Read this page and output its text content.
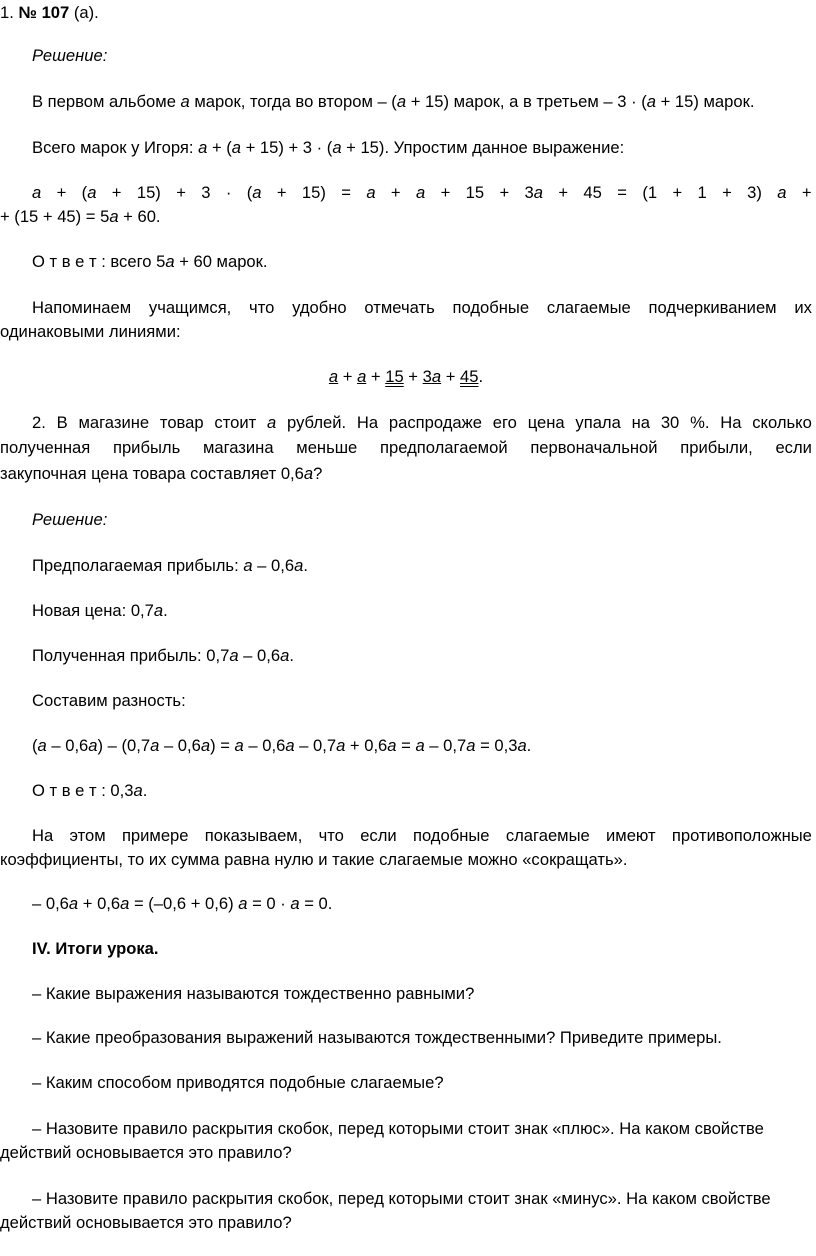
1. № 107 (а).
Решение:
В первом альбоме а марок, тогда во втором – (а + 15) марок, а в третьем – 3 · (а + 15) марок.
Всего марок у Игоря: а + (а + 15) + 3 · (а + 15). Упростим данное выражение:
а + (а + 15) + 3 · (а + 15) = а + а + 15 + 3а + 45 = (1 + 1 + 3) а +
+ (15 + 45) = 5а + 60.
О т в е т : всего 5а + 60 марок.
Напоминаем учащимся, что удобно отмечать подобные слагаемые подчеркиванием их
одинаковыми линиями:
а + а + 15 + 3а + 45.
2. В магазине товар стоит а рублей. На распродаже его цена упала на 30 %. На сколько
полученная прибыль магазина меньше предполагаемой первоначальной прибыли, если
закупочная цена товара составляет 0,6а?
Решение:
Предполагаемая прибыль: а – 0,6а.
Новая цена: 0,7а.
Полученная прибыль: 0,7а – 0,6а.
Составим разность:
(а – 0,6а) – (0,7а – 0,6а) = а – 0,6а – 0,7а + 0,6а = а – 0,7а = 0,3а.
О т в е т : 0,3а.
На этом примере показываем, что если подобные слагаемые имеют противоположные
коэффициенты, то их сумма равна нулю и такие слагаемые можно «сокращать».
– 0,6а + 0,6а = (–0,6 + 0,6) а = 0 · а = 0.
IV. Итоги урока.
– Какие выражения называются тождественно равными?
– Какие преобразования выражений называются тождественными? Приведите примеры.
– Каким способом приводятся подобные слагаемые?
– Назовите правило раскрытия скобок, перед которыми стоит знак «плюс». На каком свойстве
действий основывается это правило?
– Назовите правило раскрытия скобок, перед которыми стоит знак «минус». На каком свойстве
действий основывается это правило?
